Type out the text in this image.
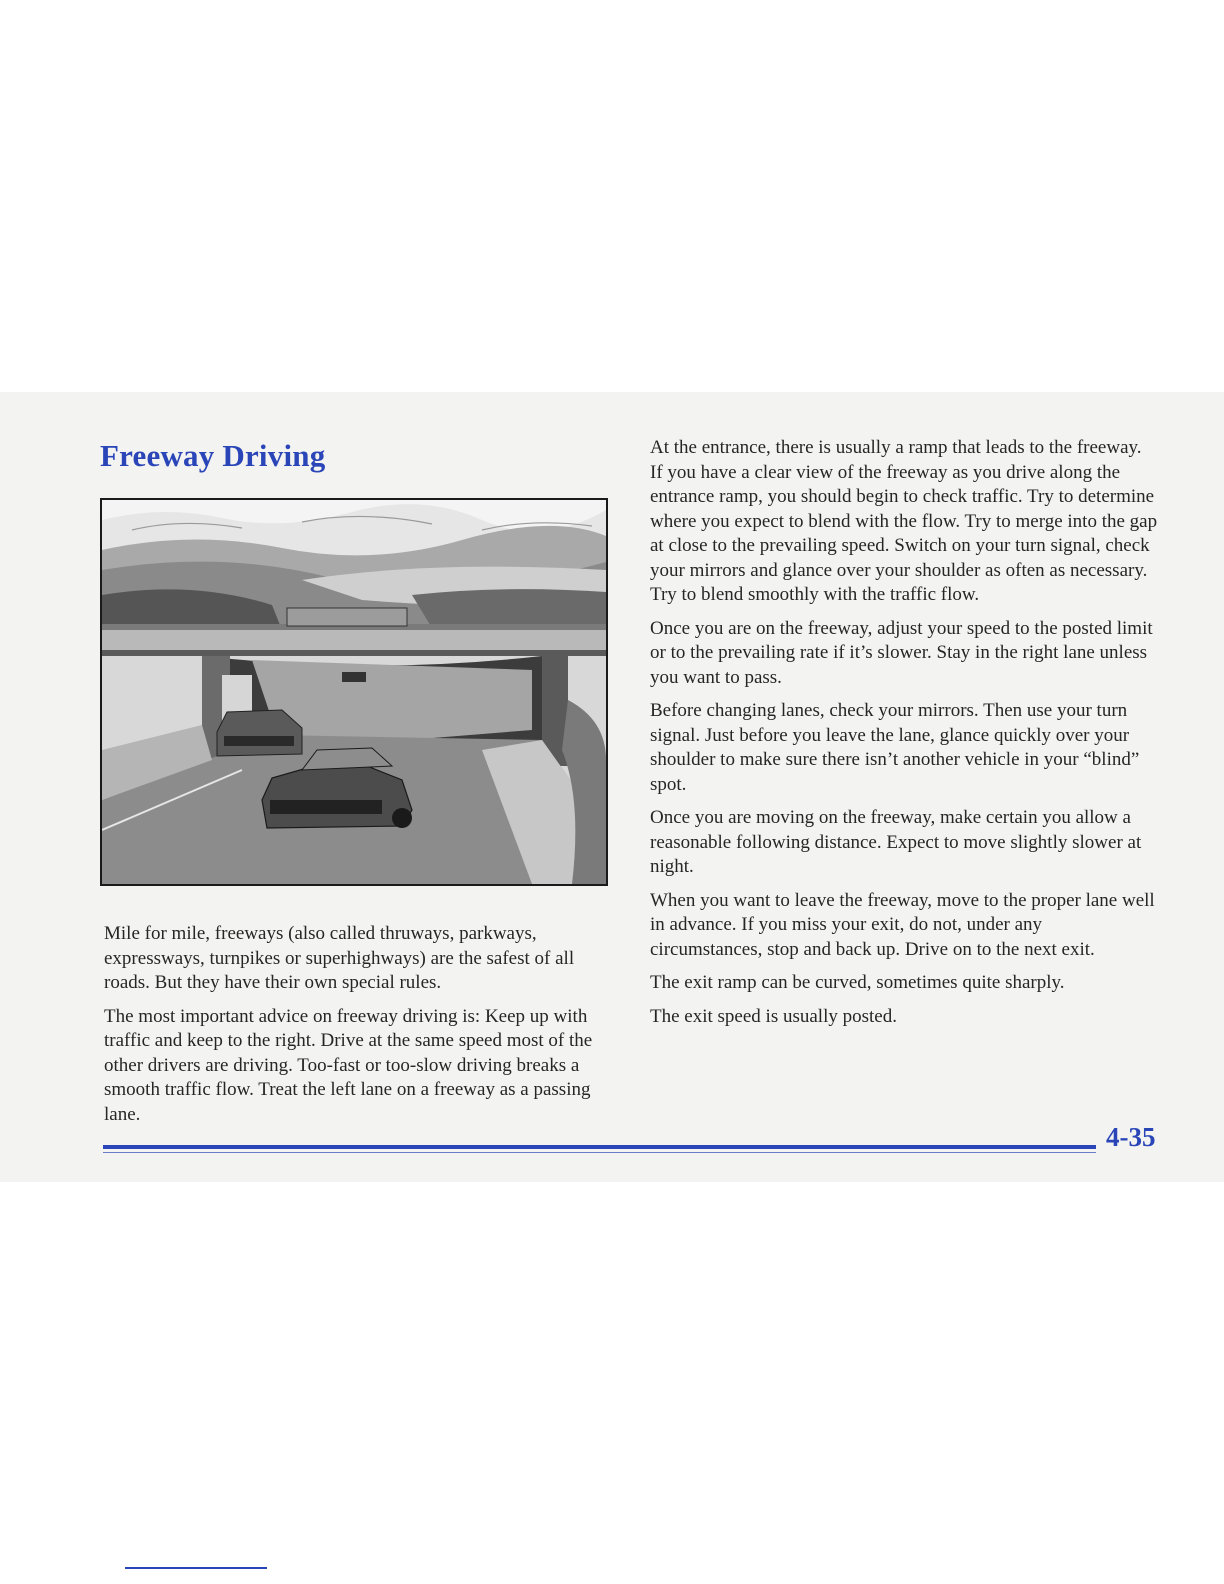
Freeway Driving

Mile for mile, freeways (also called thruways, parkways, expressways, turnpikes or superhighways) are the safest of all roads. But they have their own special rules.

The most important advice on freeway driving is: Keep up with traffic and keep to the right. Drive at the same speed most of the other drivers are driving. Too-fast or too-slow driving breaks a smooth traffic flow. Treat the left lane on a freeway as a passing lane.

At the entrance, there is usually a ramp that leads to the freeway. If you have a clear view of the freeway as you drive along the entrance ramp, you should begin to check traffic. Try to determine where you expect to blend with the flow. Try to merge into the gap at close to the prevailing speed. Switch on your turn signal, check your mirrors and glance over your shoulder as often as necessary. Try to blend smoothly with the traffic flow.

Once you are on the freeway, adjust your speed to the posted limit or to the prevailing rate if it’s slower. Stay in the right lane unless you want to pass.

Before changing lanes, check your mirrors. Then use your turn signal. Just before you leave the lane, glance quickly over your shoulder to make sure there isn’t another vehicle in your “blind” spot.

Once you are moving on the freeway, make certain you allow a reasonable following distance. Expect to move slightly slower at night.

When you want to leave the freeway, move to the proper lane well in advance. If you miss your exit, do not, under any circumstances, stop and back up. Drive on to the next exit.

The exit ramp can be curved, sometimes quite sharply.

The exit speed is usually posted.

4-35
